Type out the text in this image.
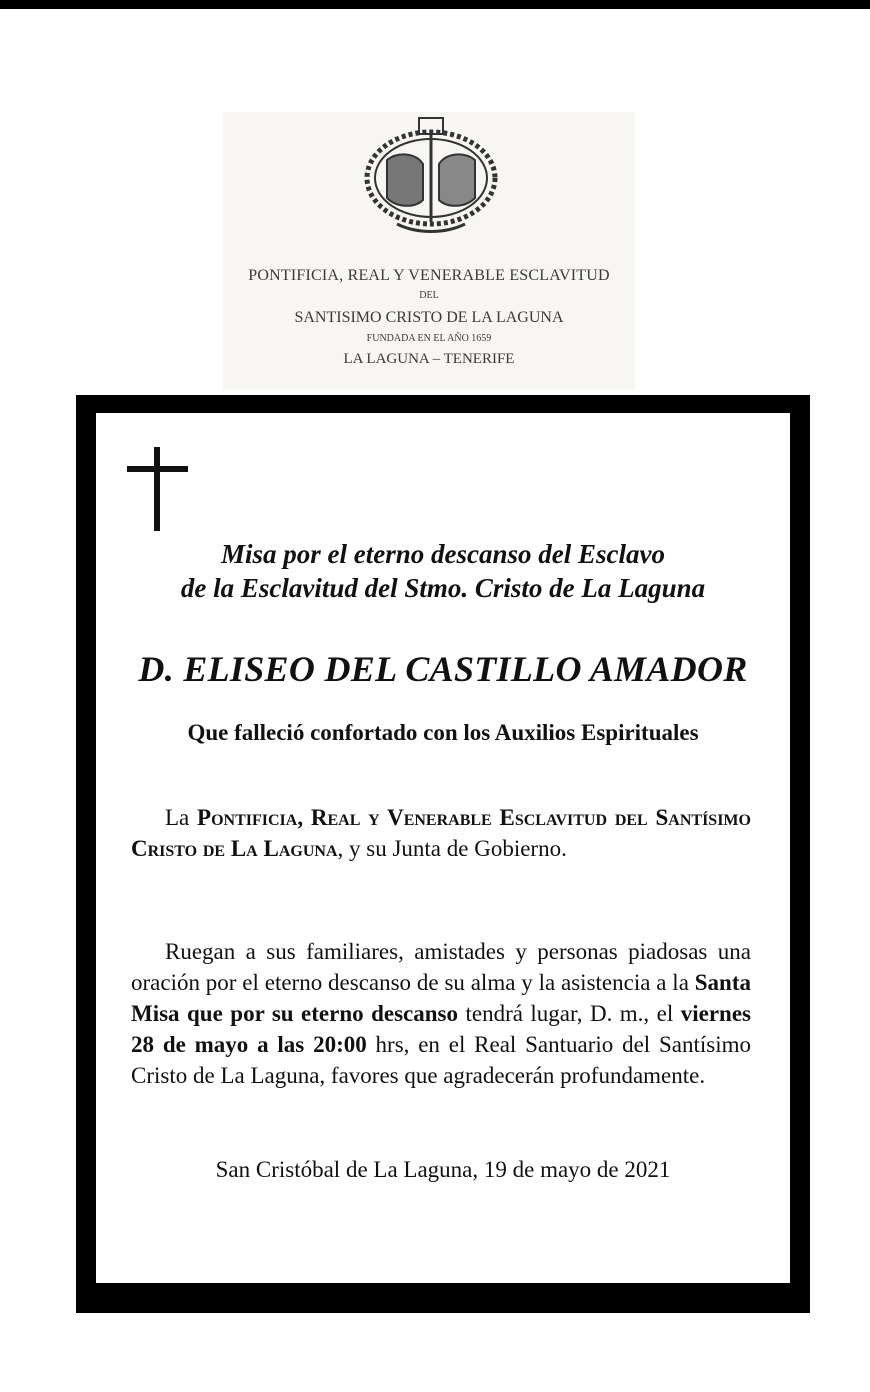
PONTIFICIA, REAL Y VENERABLE ESCLAVITUD
DEL
SANTISIMO CRISTO DE LA LAGUNA
FUNDADA EN EL AÑO 1659
LA LAGUNA – TENERIFE
Misa por el eterno descanso del Esclavo
de la Esclavitud del Stmo. Cristo de La Laguna
D. ELISEO DEL CASTILLO AMADOR
Que falleció confortado con los Auxilios Espirituales
La Pontificia, Real y Venerable Esclavitud del Santísimo Cristo de La Laguna, y su Junta de Gobierno.
Ruegan a sus familiares, amistades y personas piadosas una oración por el eterno descanso de su alma y la asistencia a la Santa Misa que por su eterno descanso tendrá lugar, D. m., el viernes 28 de mayo a las 20:00 hrs, en el Real Santuario del Santísimo Cristo de La Laguna, favores que agradecerán profundamente.
San Cristóbal de La Laguna, 19 de mayo de 2021
